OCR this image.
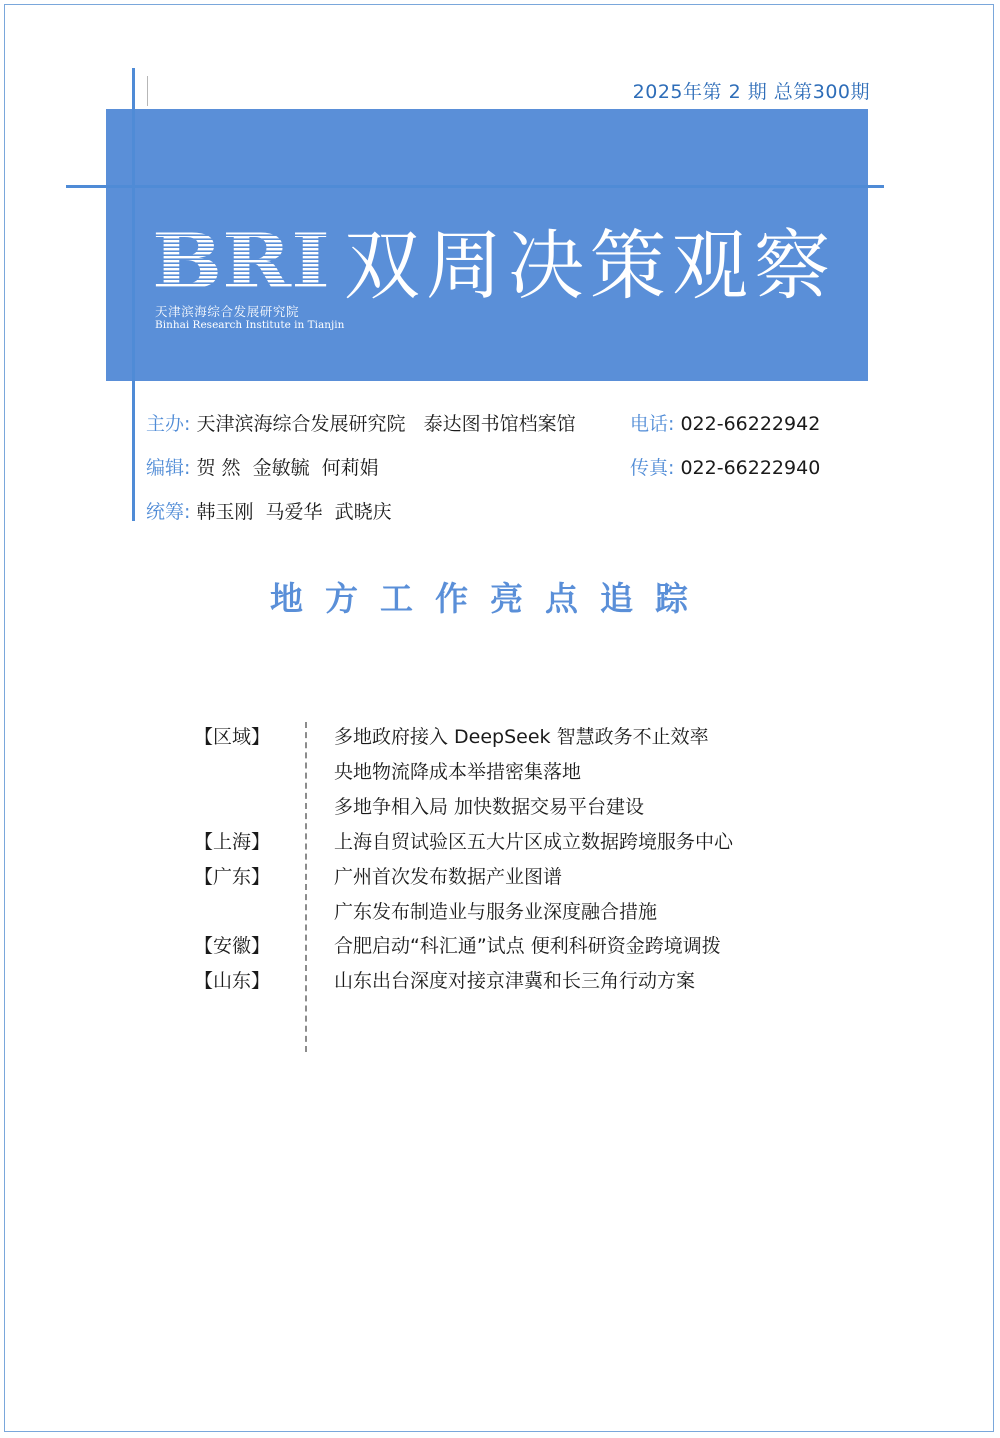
2025年第 2 期 总第300期
BRI
天津滨海综合发展研究院
Binhai Research Institute in Tianjin
双周决策观察
主办: 天津滨海综合发展研究院   泰达图书馆档案馆	电话: 022-66222942
编辑: 贺 然  金敏毓  何莉娟	传真: 022-66222940
统筹: 韩玉刚  马爱华  武晓庆
地方工作亮点追踪
【区域】	多地政府接入 DeepSeek 智慧政务不止效率
央地物流降成本举措密集落地
多地争相入局 加快数据交易平台建设
【上海】	上海自贸试验区五大片区成立数据跨境服务中心
【广东】	广州首次发布数据产业图谱
广东发布制造业与服务业深度融合措施
【安徽】	合肥启动“科汇通”试点 便利科研资金跨境调拨
【山东】	山东出台深度对接京津冀和长三角行动方案
